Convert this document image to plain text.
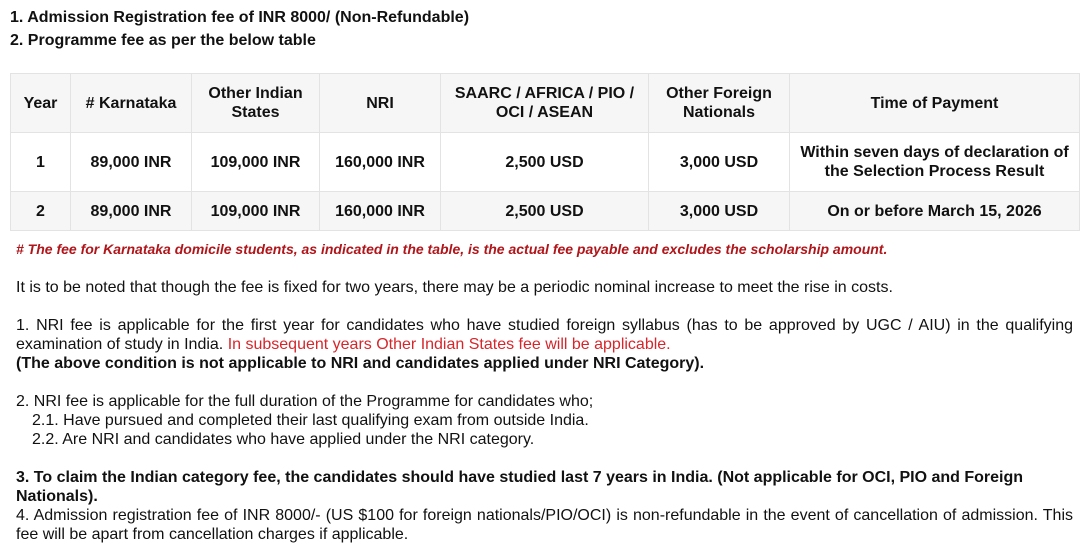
1. Admission Registration fee of INR 8000/ (Non-Refundable)
2. Programme fee as per the below table
Year	# Karnataka	Other Indian States	NRI	SAARC / AFRICA / PIO / OCI / ASEAN	Other Foreign Nationals	Time of Payment
1	89,000 INR	109,000 INR	160,000 INR	2,500 USD	3,000 USD	Within seven days of declaration of the Selection Process Result
2	89,000 INR	109,000 INR	160,000 INR	2,500 USD	3,000 USD	On or before March 15, 2026
# The fee for Karnataka domicile students, as indicated in the table, is the actual fee payable and excludes the scholarship amount.
It is to be noted that though the fee is fixed for two years, there may be a periodic nominal increase to meet the rise in costs.
1. NRI fee is applicable for the first year for candidates who have studied foreign syllabus (has to be approved by UGC / AIU) in the qualifying examination of study in India. In subsequent years Other Indian States fee will be applicable.
(The above condition is not applicable to NRI and candidates applied under NRI Category).
2. NRI fee is applicable for the full duration of the Programme for candidates who;
2.1. Have pursued and completed their last qualifying exam from outside India.
2.2. Are NRI and candidates who have applied under the NRI category.
3. To claim the Indian category fee, the candidates should have studied last 7 years in India. (Not applicable for OCI, PIO and Foreign Nationals).
4. Admission registration fee of INR 8000/- (US $100 for foreign nationals/PIO/OCI) is non-refundable in the event of cancellation of admission. This fee will be apart from cancellation charges if applicable.
